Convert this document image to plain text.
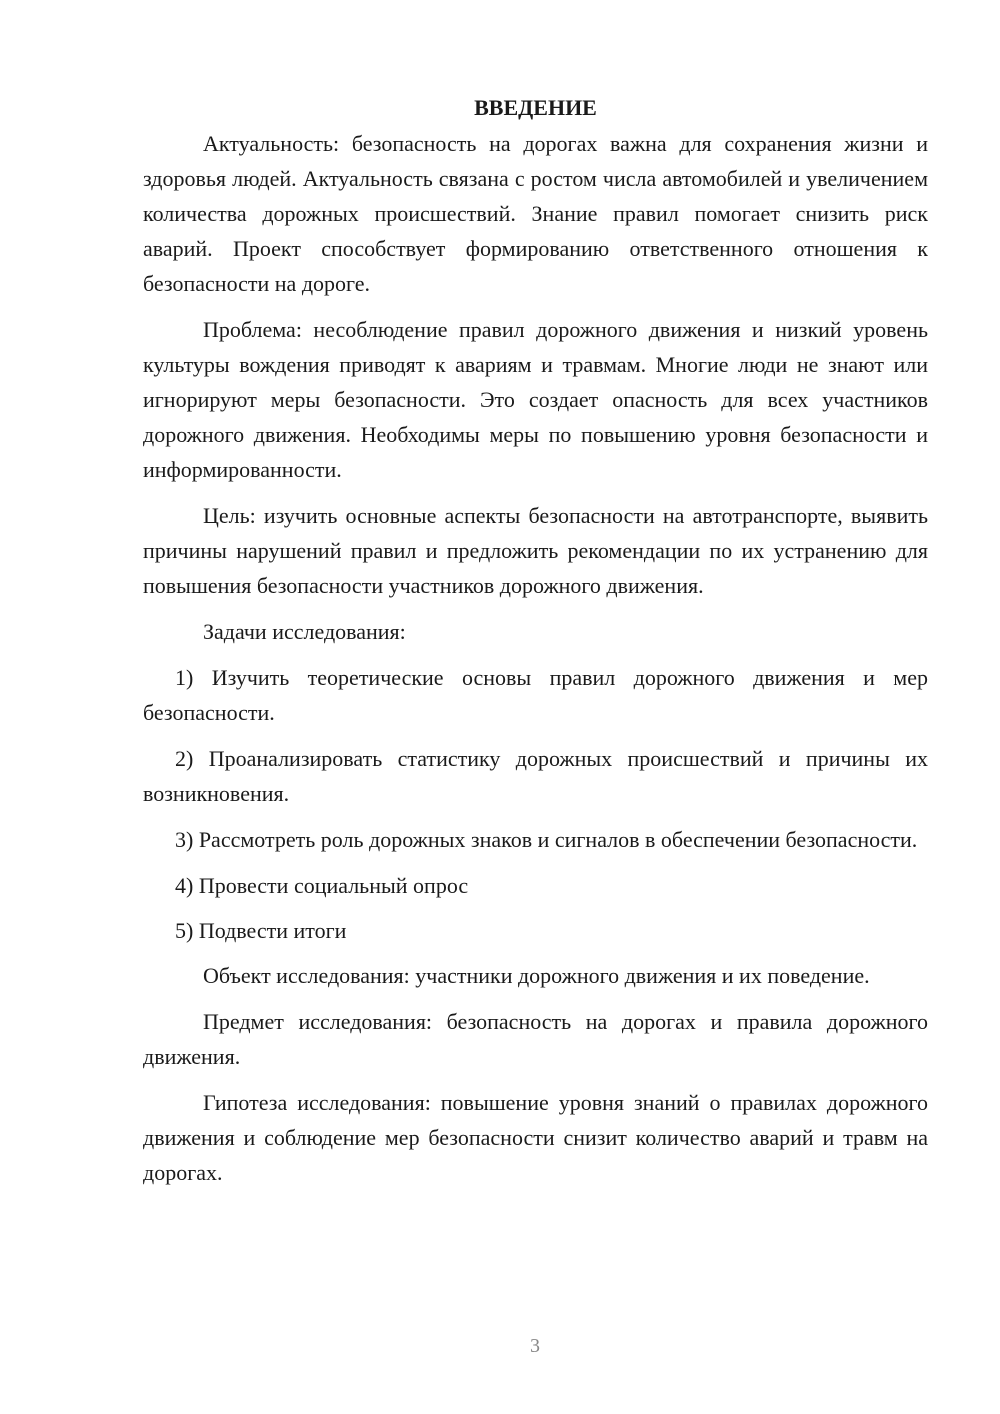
ВВЕДЕНИЕ

Актуальность: безопасность на дорогах важна для сохранения жизни и здоровья людей. Актуальность связана с ростом числа автомобилей и увеличением количества дорожных происшествий. Знание правил помогает снизить риск аварий. Проект способствует формированию ответственного отношения к безопасности на дороге.

Проблема: несоблюдение правил дорожного движения и низкий уровень культуры вождения приводят к авариям и травмам. Многие люди не знают или игнорируют меры безопасности. Это создает опасность для всех участников дорожного движения. Необходимы меры по повышению уровня безопасности и информированности.

Цель: изучить основные аспекты безопасности на автотранспорте, выявить причины нарушений правил и предложить рекомендации по их устранению для повышения безопасности участников дорожного движения.

Задачи исследования:

1) Изучить теоретические основы правил дорожного движения и мер безопасности.

2) Проанализировать статистику дорожных происшествий и причины их возникновения.

3) Рассмотреть роль дорожных знаков и сигналов в обеспечении безопасности.

4) Провести социальный опрос

5) Подвести итоги

Объект исследования: участники дорожного движения и их поведение.

Предмет исследования: безопасность на дорогах и правила дорожного движения.

Гипотеза исследования: повышение уровня знаний о правилах дорожного движения и соблюдение мер безопасности снизит количество аварий и травм на дорогах.

3
